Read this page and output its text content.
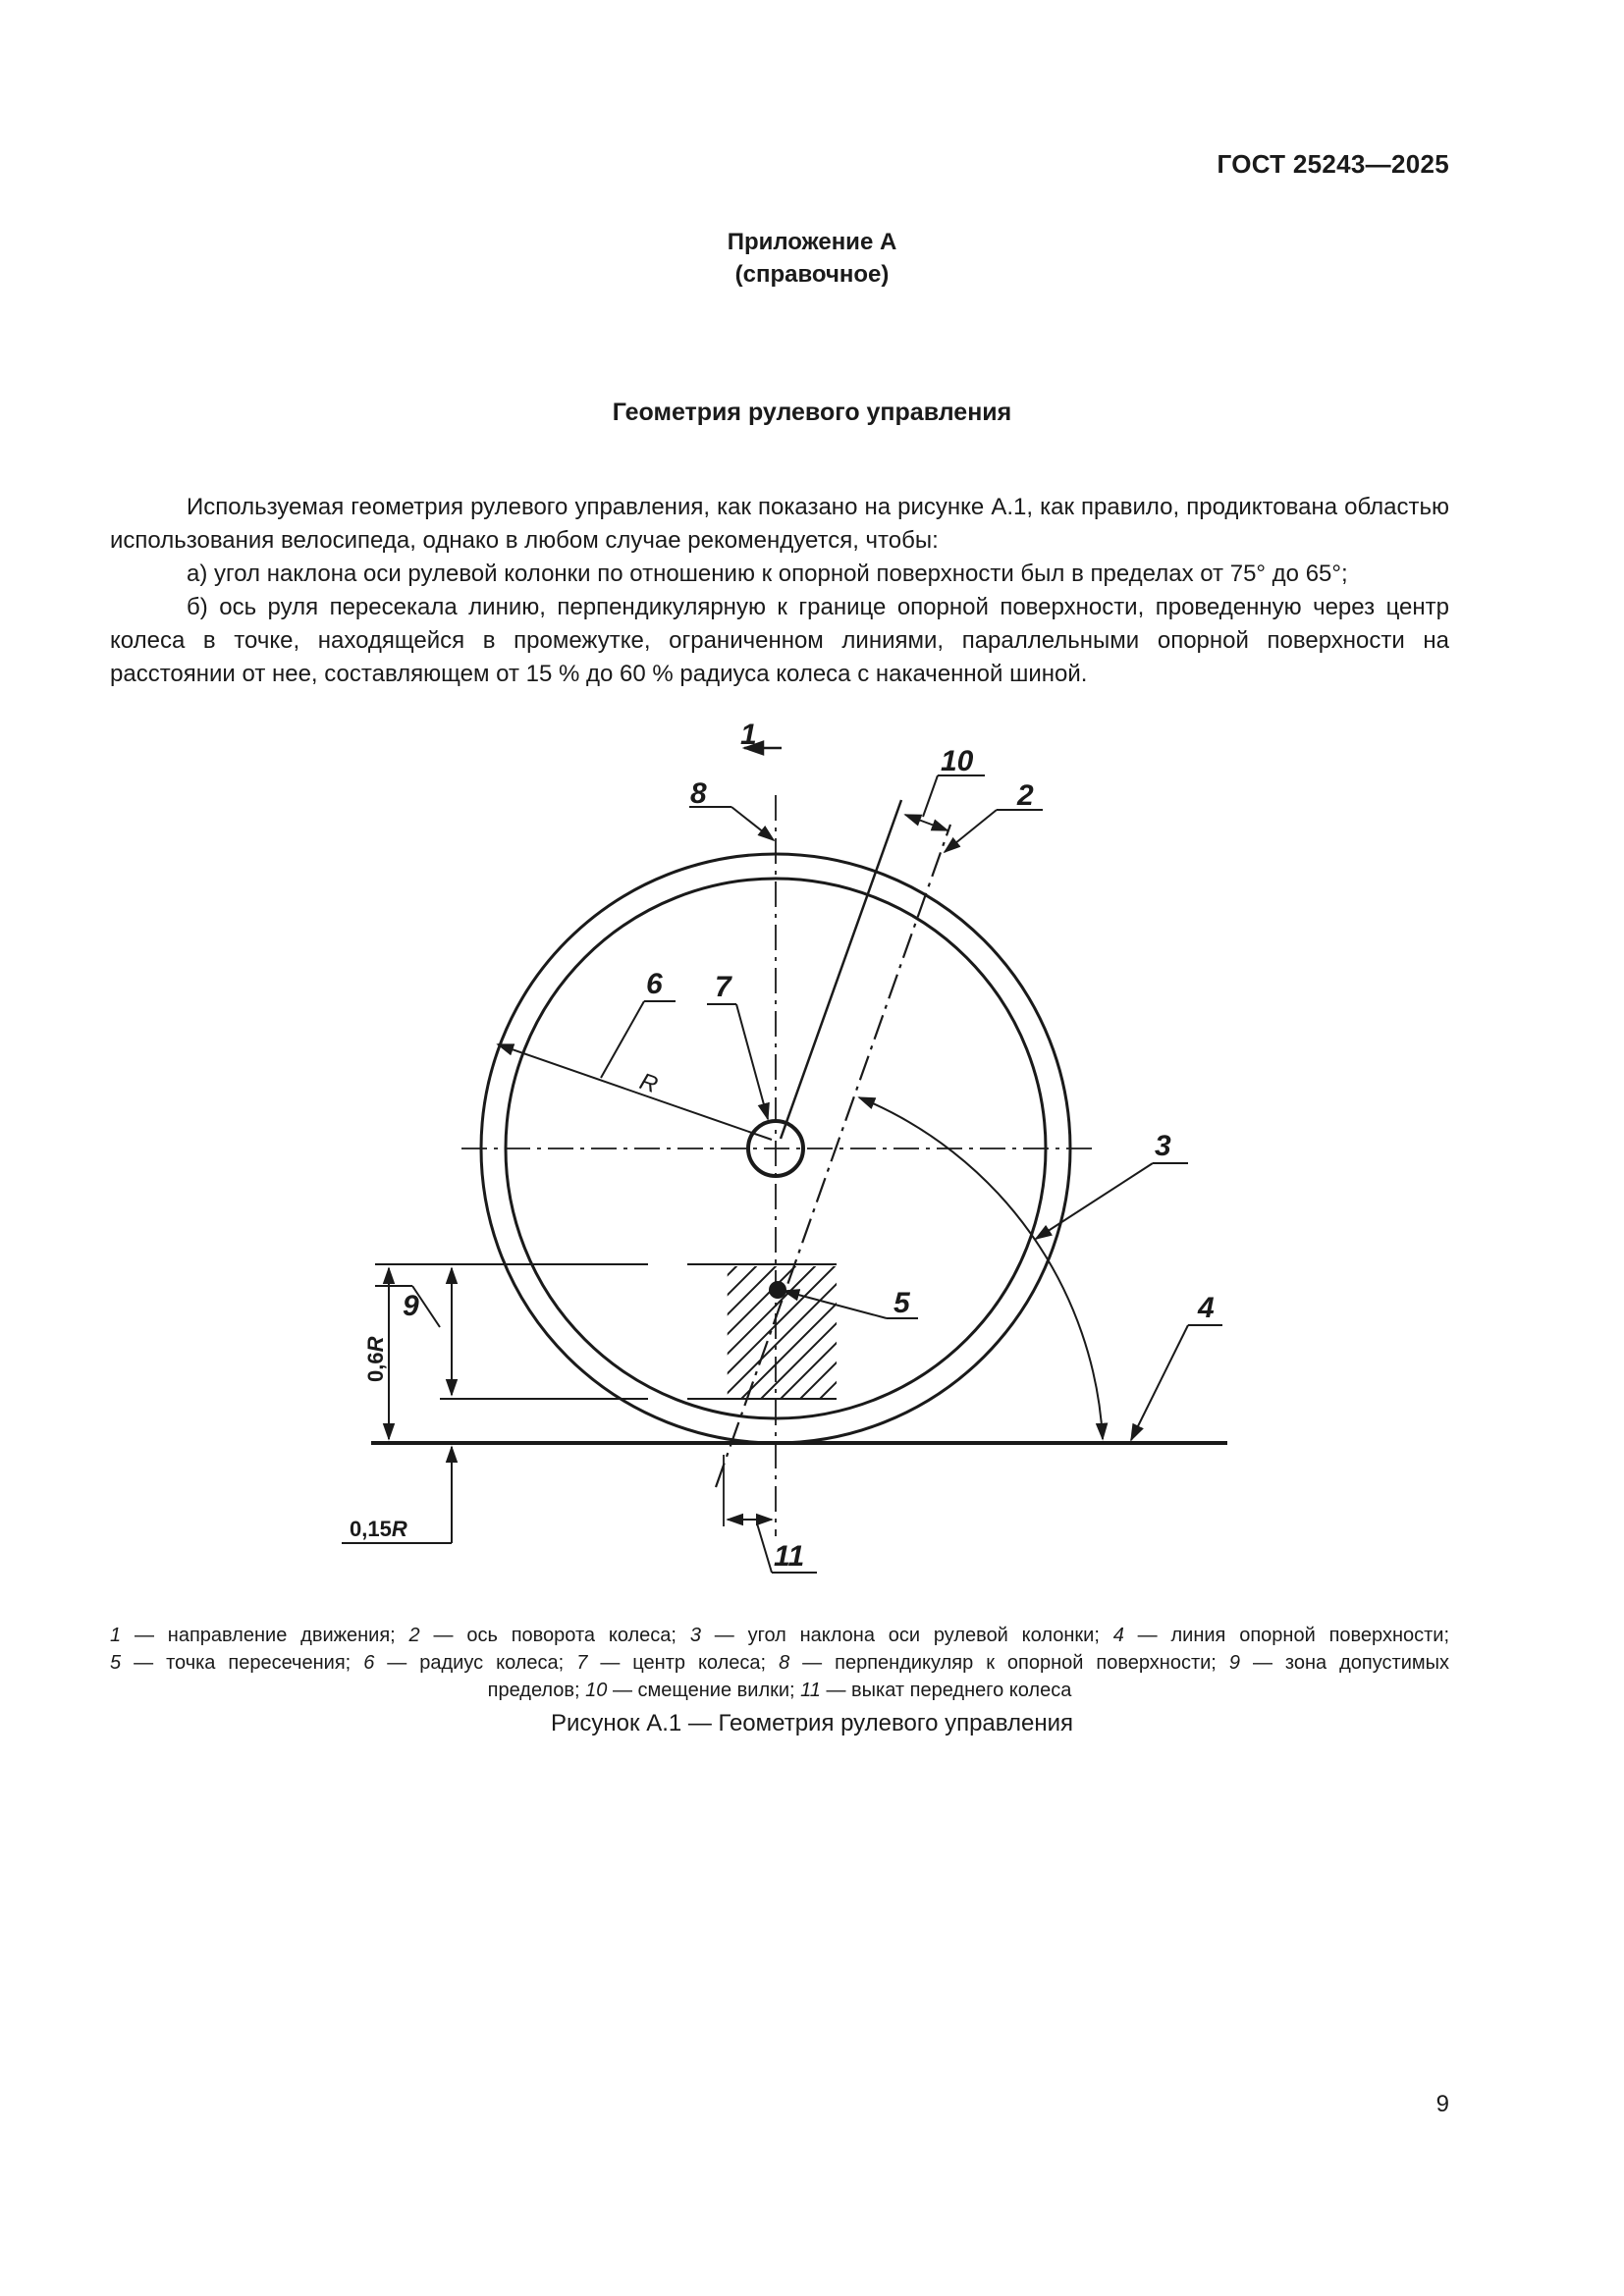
ГОСТ 25243—2025
Приложение А
(справочное)
Геометрия рулевого управления

Используемая геометрия рулевого управления, как показано на рисунке А.1, как правило, продиктована областью использования велосипеда, однако в любом случае рекомендуется, чтобы:

а) угол наклона оси рулевой колонки по отношению к опорной поверхности был в пределах от 75° до 65°;

б) ось руля пересекала линию, перпендикулярную к границе опорной поверхности, проведенную через центр колеса в точке, находящейся в промежутке, ограниченном линиями, параллельными опорной поверхности на расстоянии от нее, составляющем от 15 % до 60 % радиуса колеса с накаченной шиной.

1
8
10
2
6 7
3
5	4
9
11
R
0,6R
0,15R
1 — направление движения; 2 — ось поворота колеса; 3 — угол наклона оси рулевой колонки; 4 — линия опорной поверхности;
5 — точка пересечения; 6 — радиус колеса; 7 — центр колеса; 8 — перпендикуляр к опорной поверхности; 9 — зона допустимых
пределов; 10 — смещение вилки; 11 — выкат переднего колеса
Рисунок А.1 — Геометрия рулевого управления
9
